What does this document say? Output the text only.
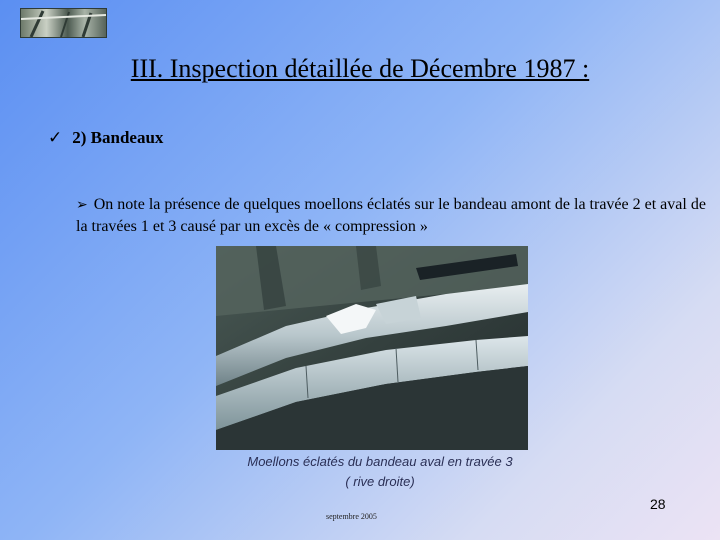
III. Inspection détaillée de Décembre 1987 :
✓ 2) Bandeaux
➢ On note la présence de quelques moellons éclatés sur le bandeau amont de la travée 2 et aval de la travées 1 et 3 causé par un excès de « compression »
Moellons éclatés du bandeau aval en travée 3
( rive droite)
28
septembre 2005
